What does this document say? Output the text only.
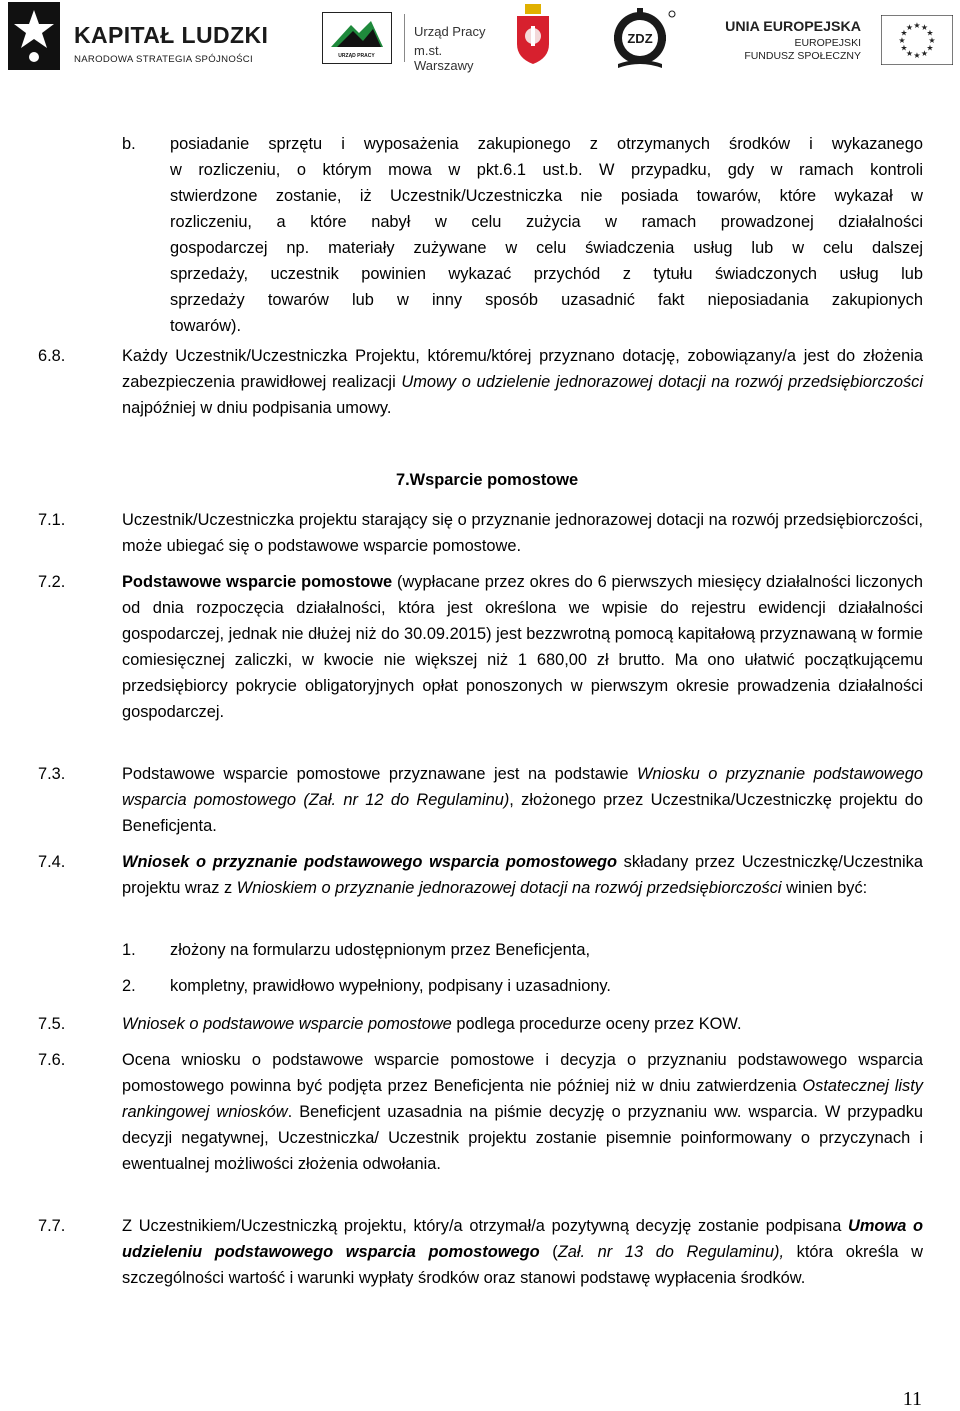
KAPITAŁ LUDZKI
NARODOWA STRATEGIA SPÓJNOŚCI	URZĄD PRACY
Urząd Pracy
m.st. Warszawy
ZDZ
UNIA EUROPEJSKA
EUROPEJSKI
FUNDUSZ SPOŁECZNY
★ ★
★
★
★
★
★
★
★
★
★
★
b. posiadanie sprzętu i wyposażenia zakupionego z otrzymanych środków i wykazanego
w rozliczeniu, o którym mowa w pkt.6.1 ust.b. W przypadku, gdy w ramach kontroli
stwierdzone zostanie, iż Uczestnik/Uczestniczka nie posiada towarów, które wykazał w
rozliczeniu, a które nabył w celu zużycia w ramach prowadzonej działalności
gospodarczej np. materiały zużywane w celu świadczenia usług lub w celu dalszej
sprzedaży, uczestnik powinien wykazać przychód z tytułu świadczonych usług lub
sprzedaży towarów lub w inny sposób uzasadnić fakt nieposiadania zakupionych
towarów).
6.8.	Każdy Uczestnik/Uczestniczka Projektu, któremu/której przyznano dotację, zobowiązany/a jest do złożenia zabezpieczenia prawidłowej realizacji Umowy o udzielenie jednorazowej dotacji na rozwój przedsiębiorczości najpóźniej w dniu podpisania umowy.
7.Wsparcie pomostowe
7.1.	Uczestnik/Uczestniczka projektu starający się o przyznanie jednorazowej dotacji na rozwój przedsiębiorczości, może ubiegać się o podstawowe wsparcie pomostowe.
7.2.	Podstawowe wsparcie pomostowe (wypłacane przez okres do 6 pierwszych miesięcy działalności liczonych od dnia rozpoczęcia działalności, która jest określona we wpisie do rejestru ewidencji działalności gospodarczej, jednak nie dłużej niż do 30.09.2015) jest bezzwrotną pomocą kapitałową przyznawaną w formie comiesięcznej zaliczki, w kwocie nie większej niż 1 680,00 zł brutto. Ma ono ułatwić początkującemu przedsiębiorcy pokrycie obligatoryjnych opłat ponoszonych w pierwszym okresie prowadzenia działalności gospodarczej.
7.3.	Podstawowe wsparcie pomostowe przyznawane jest na podstawie Wniosku o przyznanie podstawowego wsparcia pomostowego (Zał. nr 12 do Regulaminu), złożonego przez Uczestnika/Uczestniczkę projektu do Beneficjenta.
7.4.	Wniosek o przyznanie podstawowego wsparcia pomostowego składany przez Uczestniczkę/Uczestnika projektu wraz z Wnioskiem o przyznanie jednorazowej dotacji na rozwój przedsiębiorczości winien być:
1. złożony na formularzu udostępnionym przez Beneficjenta,
2. kompletny, prawidłowo wypełniony, podpisany i uzasadniony.
7.5.	Wniosek o podstawowe wsparcie pomostowe podlega procedurze oceny przez KOW.
7.6.	Ocena wniosku o podstawowe wsparcie pomostowe i decyzja o przyznaniu podstawowego wsparcia pomostowego powinna być podjęta przez Beneficjenta nie później niż w dniu zatwierdzenia Ostatecznej listy rankingowej wniosków. Beneficjent uzasadnia na piśmie decyzję o przyznaniu ww. wsparcia. W przypadku decyzji negatywnej, Uczestniczka/ Uczestnik projektu zostanie pisemnie poinformowany o przyczynach i ewentualnej możliwości złożenia odwołania.
7.7.	Z Uczestnikiem/Uczestniczką projektu, który/a otrzymał/a pozytywną decyzję zostanie podpisana Umowa o udzieleniu podstawowego wsparcia pomostowego (Zał. nr 13 do Regulaminu), która określa w szczególności wartość i warunki wypłaty środków oraz stanowi podstawę wypłacenia środków.
11
